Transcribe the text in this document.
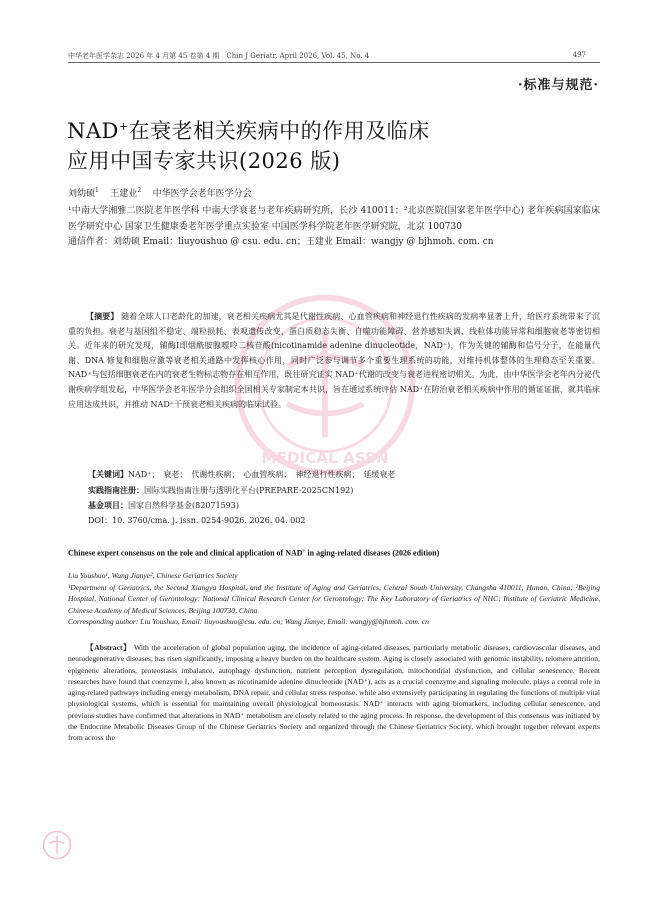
中华老年医学杂志 2026 年 4 月第 45 卷第 4 期　Chin J Geriatr, April 2026, Vol. 45, No. 4	497
·标准与规范·
NAD+在衰老相关疾病中的作用及临床
应用中国专家共识(2026 版)
刘幼硕$^1$ 王建业$^2$ 中华医学会老年医学分会
¹中南大学湘雅二医院老年医学科 中南大学衰老与老年疾病研究所，长沙 410011；²北京医院(国家老年医学中心) 老年疾病国家临床医学研究中心 国家卫生健康委老年医学重点实验室 中国医学科学院老年医学研究院，北京 100730
通信作者：刘幼硕 Email：liuyoushuo @ csu. edu. cn；王建业 Email：wangjy @ bjhmoh. com. cn
MEDICAL ASSN
【摘要】 随着全球人口老龄化的加速，衰老相关疾病尤其是代谢性疾病、心血管疾病和神经退行性疾病的发病率显著上升，给医疗系统带来了沉重的负担。衰老与基因组不稳定、端粒损耗、表观遗传改变、蛋白质稳态失衡、自噬功能障碍、营养感知失调、线粒体功能异常和细胞衰老等密切相关。近年来的研究发现，辅酶Ⅰ即烟酰胺腺嘌呤二核苷酸(nicotinamide adenine dinucleotide，NAD⁺)，作为关键的辅酶和信号分子，在能量代谢、DNA 修复和细胞应激等衰老相关通路中发挥核心作用，同时广泛参与调节多个重要生理系统的功能，对维持机体整体的生理稳态至关重要。NAD⁺与包括细胞衰老在内的衰老生物标志物存在相互作用，既往研究证实 NAD⁺代谢的改变与衰老进程密切相关。为此，由中华医学会老年内分泌代谢疾病学组发起，中华医学会老年医学分会组织全国相关专家制定本共识，旨在通过系统评估 NAD⁺在防治衰老相关疾病中作用的循证证据，就其临床应用达成共识，并推动 NAD⁺干预衰老相关疾病的临床试验。
【关键词】NAD⁺；　衰老；　代谢性疾病；　心血管疾病；　神经退行性疾病；　延缓衰老
实践指南注册：国际实践指南注册与透明化平台(PREPARE-2025CN192)
基金项目：国家自然科学基金(82071593)
DOI：10. 3760/cma. j. issn. 0254-9026. 2026. 04. 002
Chinese expert consensus on the role and clinical application of NAD+ in aging-related diseases (2026 edition)
Liu Youshuo¹, Wang Jianye², Chinese Geriatrics Society
¹Department of Geriatrics, the Second Xiangya Hospital, and the Institute of Aging and Geriatrics, Central South University, Changsha 410011, Hunan, China; ²Beijing Hospital, National Center of Gerontology; National Clinical Research Center for Gerontology; The Key Laboratory of Geriatrics of NHC; Institute of Geriatric Medicine, Chinese Academy of Medical Sciences, Beijing 100730, China
Corresponding author: Liu Youshuo, Email: liuyoushuo@csu. edu. cn; Wang Jianye, Email: wangjy@bjhmoh. com. cn
【Abstract】 With the acceleration of global population aging, the incidence of aging-related diseases, particularly metabolic diseases, cardiovascular diseases, and neurodegenerative diseases, has risen significantly, imposing a heavy burden on the healthcare system. Aging is closely associated with genomic instability, telomere attrition, epigenetic alterations, proteostasis imbalance, autophagy dysfunction, nutrient perception dysregulation, mitochondrial dysfunction, and cellular senescence. Recent researches have found that coenzyme Ⅰ, also known as nicotinamide adenine dinucleotide (NAD⁺), acts as a crucial coenzyme and signaling molecule, plays a central role in aging-related pathways including energy metabolism, DNA repair, and cellular stress response, while also extensively participating in regulating the functions of multiple vital physiological systems, which is essential for maintaining overall physiological homeostasis. NAD⁺ interacts with aging biomarkers, including cellular senescence, and previous studies have confirmed that alterations in NAD⁺ metabolism are closely related to the aging process. In response, the development of this consensus was initiated by the Endocrine Metabolic Diseases Group of the Chinese Geriatrics Society and organized through the Chinese Geriatrics Society, which brought together relevant experts from across the
